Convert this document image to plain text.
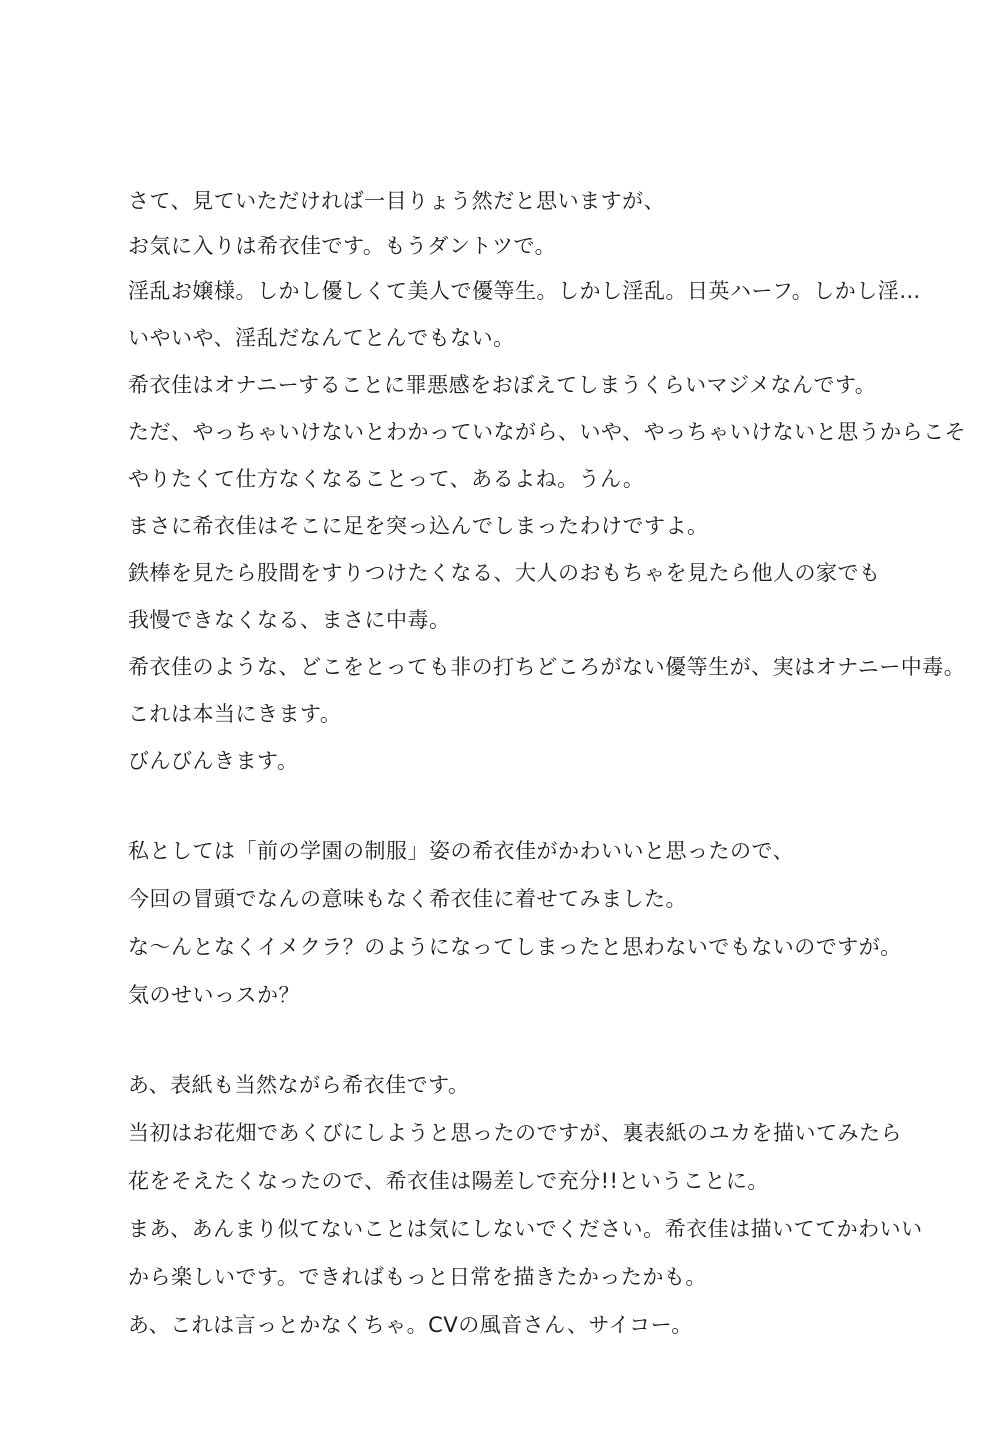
さて、見ていただければ一目りょう然だと思いますが、
お気に入りは希衣佳です。もうダントツで。
淫乱お嬢様。しかし優しくて美人で優等生。しかし淫乱。日英ハーフ。しかし淫…
いやいや、淫乱だなんてとんでもない。
希衣佳はオナニーすることに罪悪感をおぼえてしまうくらいマジメなんです。
ただ、やっちゃいけないとわかっていながら、いや、やっちゃいけないと思うからこそ
やりたくて仕方なくなることって、あるよね。うん。
まさに希衣佳はそこに足を突っ込んでしまったわけですよ。
鉄棒を見たら股間をすりつけたくなる、大人のおもちゃを見たら他人の家でも
我慢できなくなる、まさに中毒。
希衣佳のような、どこをとっても非の打ちどころがない優等生が、実はオナニー中毒。
これは本当にきます。
びんびんきます。
私としては「前の学園の制服」姿の希衣佳がかわいいと思ったので、
今回の冒頭でなんの意味もなく希衣佳に着せてみました。
な〜んとなくイメクラ？のようになってしまったと思わないでもないのですが。
気のせいっスか？
あ、表紙も当然ながら希衣佳です。
当初はお花畑であくびにしようと思ったのですが、裏表紙のユカを描いてみたら
花をそえたくなったので、希衣佳は陽差しで充分!!ということに。
まあ、あんまり似てないことは気にしないでください。希衣佳は描いててかわいい
から楽しいです。できればもっと日常を描きたかったかも。
あ、これは言っとかなくちゃ。CVの風音さん、サイコー。
